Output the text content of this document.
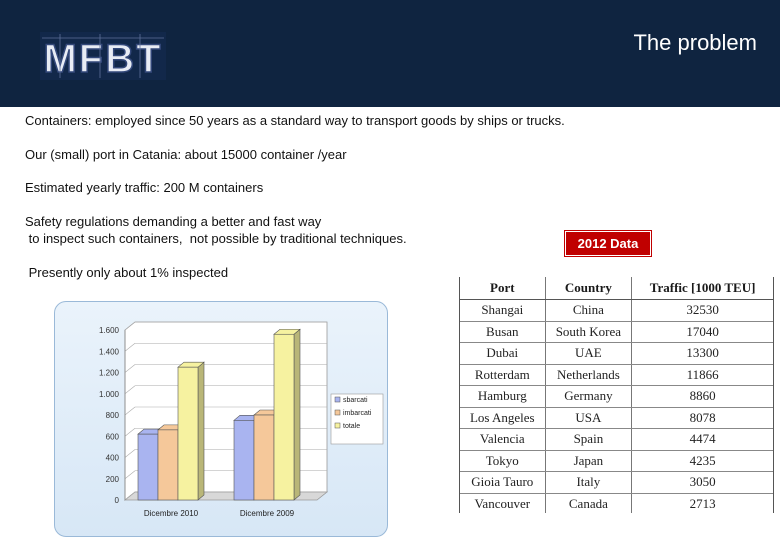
MFBT	The problem
Containers: employed since 50 years as a standard way to transport goods by ships or trucks.
Our (small) port in Catania: about 15000 container /year
Estimated yearly traffic: 200 M containers
Safety regulations demanding a better and fast way
to inspect such containers,  not possible by traditional techniques.
Presently only about 1% inspected
2012 Data
0
200
400
600
800
1.000
1.200
1.400
1.600
Dicembre 2010	Dicembre 2009
sbarcati
imbarcati
totale
Port	Country	Traffic [1000 TEU]
Shangai	China	32530
Busan	South Korea	17040
Dubai	UAE	13300
Rotterdam	Netherlands	11866
Hamburg	Germany	8860
Los Angeles	USA	8078
Valencia	Spain	4474
Tokyo	Japan	4235
Gioia Tauro	Italy	3050
Vancouver	Canada	2713
